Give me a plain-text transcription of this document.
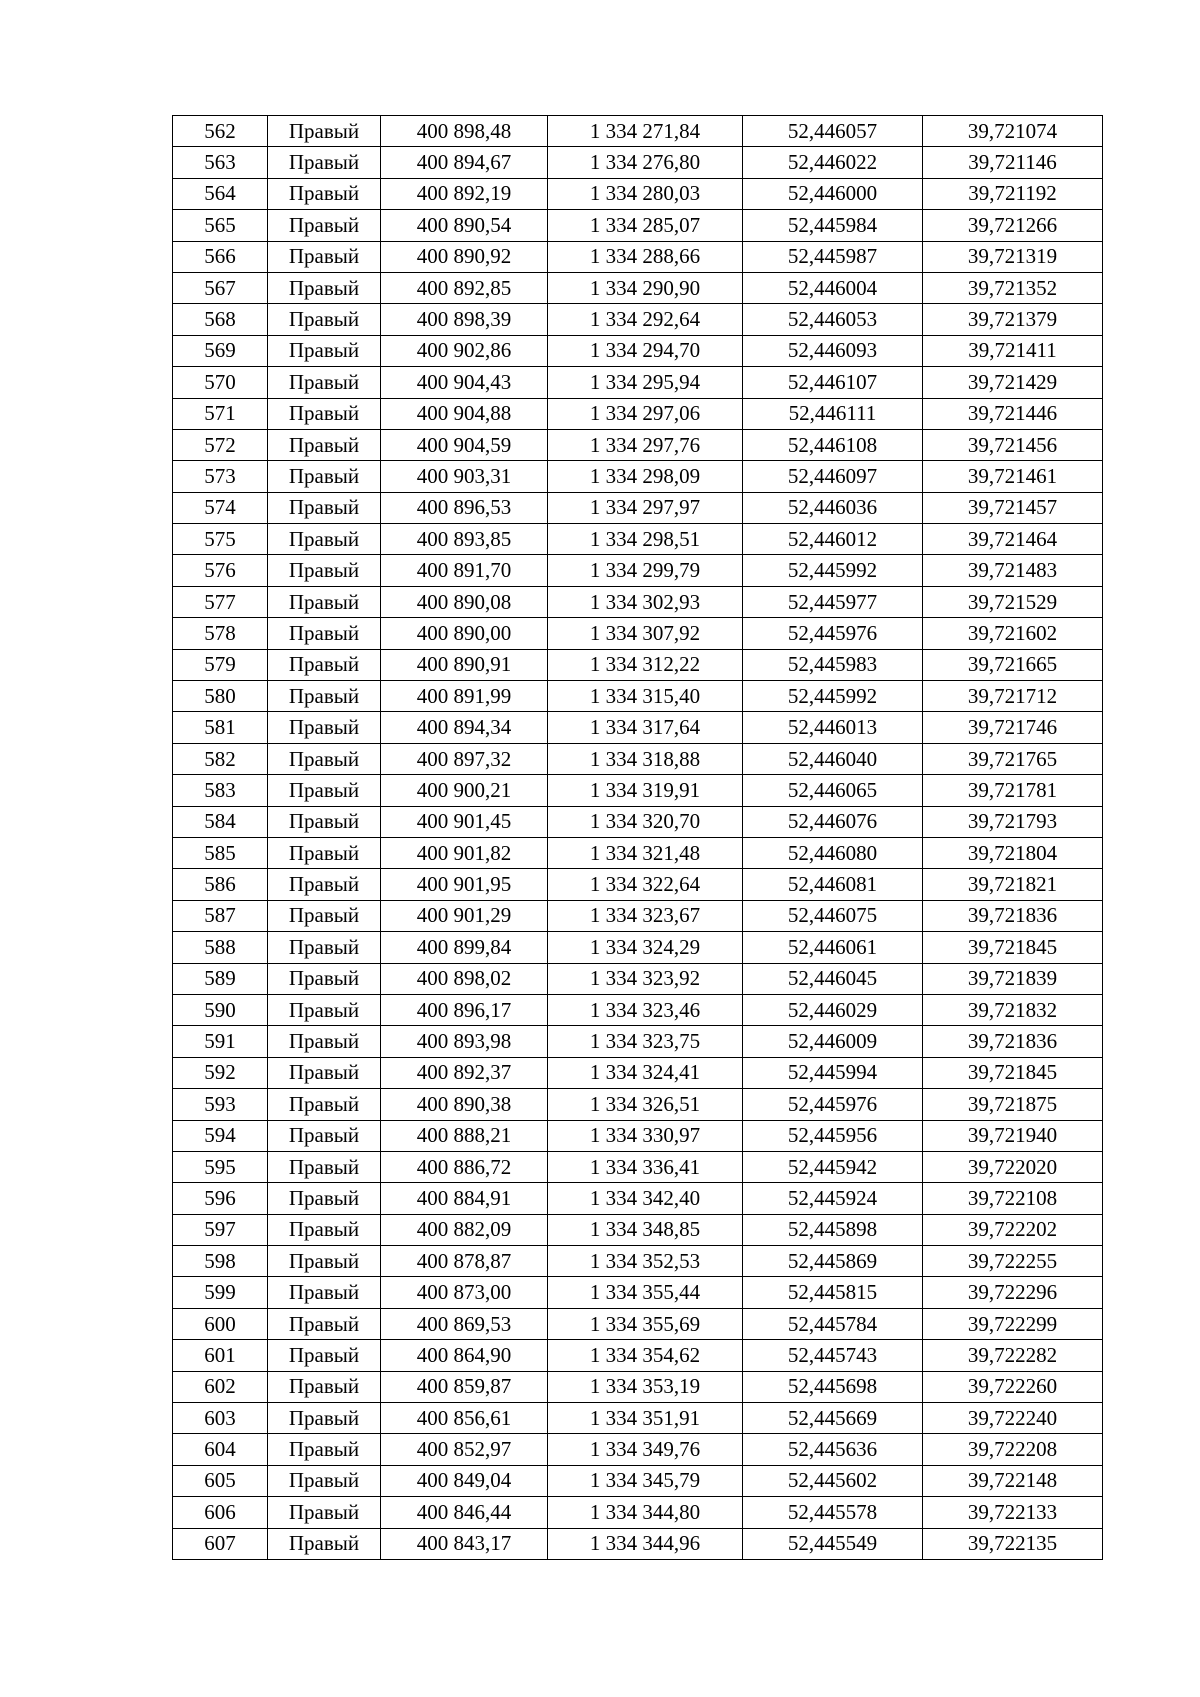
562	Правый	400 898,48	1 334 271,84	52,446057	39,721074
563	Правый	400 894,67	1 334 276,80	52,446022	39,721146
564	Правый	400 892,19	1 334 280,03	52,446000	39,721192
565	Правый	400 890,54	1 334 285,07	52,445984	39,721266
566	Правый	400 890,92	1 334 288,66	52,445987	39,721319
567	Правый	400 892,85	1 334 290,90	52,446004	39,721352
568	Правый	400 898,39	1 334 292,64	52,446053	39,721379
569	Правый	400 902,86	1 334 294,70	52,446093	39,721411
570	Правый	400 904,43	1 334 295,94	52,446107	39,721429
571	Правый	400 904,88	1 334 297,06	52,446111	39,721446
572	Правый	400 904,59	1 334 297,76	52,446108	39,721456
573	Правый	400 903,31	1 334 298,09	52,446097	39,721461
574	Правый	400 896,53	1 334 297,97	52,446036	39,721457
575	Правый	400 893,85	1 334 298,51	52,446012	39,721464
576	Правый	400 891,70	1 334 299,79	52,445992	39,721483
577	Правый	400 890,08	1 334 302,93	52,445977	39,721529
578	Правый	400 890,00	1 334 307,92	52,445976	39,721602
579	Правый	400 890,91	1 334 312,22	52,445983	39,721665
580	Правый	400 891,99	1 334 315,40	52,445992	39,721712
581	Правый	400 894,34	1 334 317,64	52,446013	39,721746
582	Правый	400 897,32	1 334 318,88	52,446040	39,721765
583	Правый	400 900,21	1 334 319,91	52,446065	39,721781
584	Правый	400 901,45	1 334 320,70	52,446076	39,721793
585	Правый	400 901,82	1 334 321,48	52,446080	39,721804
586	Правый	400 901,95	1 334 322,64	52,446081	39,721821
587	Правый	400 901,29	1 334 323,67	52,446075	39,721836
588	Правый	400 899,84	1 334 324,29	52,446061	39,721845
589	Правый	400 898,02	1 334 323,92	52,446045	39,721839
590	Правый	400 896,17	1 334 323,46	52,446029	39,721832
591	Правый	400 893,98	1 334 323,75	52,446009	39,721836
592	Правый	400 892,37	1 334 324,41	52,445994	39,721845
593	Правый	400 890,38	1 334 326,51	52,445976	39,721875
594	Правый	400 888,21	1 334 330,97	52,445956	39,721940
595	Правый	400 886,72	1 334 336,41	52,445942	39,722020
596	Правый	400 884,91	1 334 342,40	52,445924	39,722108
597	Правый	400 882,09	1 334 348,85	52,445898	39,722202
598	Правый	400 878,87	1 334 352,53	52,445869	39,722255
599	Правый	400 873,00	1 334 355,44	52,445815	39,722296
600	Правый	400 869,53	1 334 355,69	52,445784	39,722299
601	Правый	400 864,90	1 334 354,62	52,445743	39,722282
602	Правый	400 859,87	1 334 353,19	52,445698	39,722260
603	Правый	400 856,61	1 334 351,91	52,445669	39,722240
604	Правый	400 852,97	1 334 349,76	52,445636	39,722208
605	Правый	400 849,04	1 334 345,79	52,445602	39,722148
606	Правый	400 846,44	1 334 344,80	52,445578	39,722133
607	Правый	400 843,17	1 334 344,96	52,445549	39,722135
